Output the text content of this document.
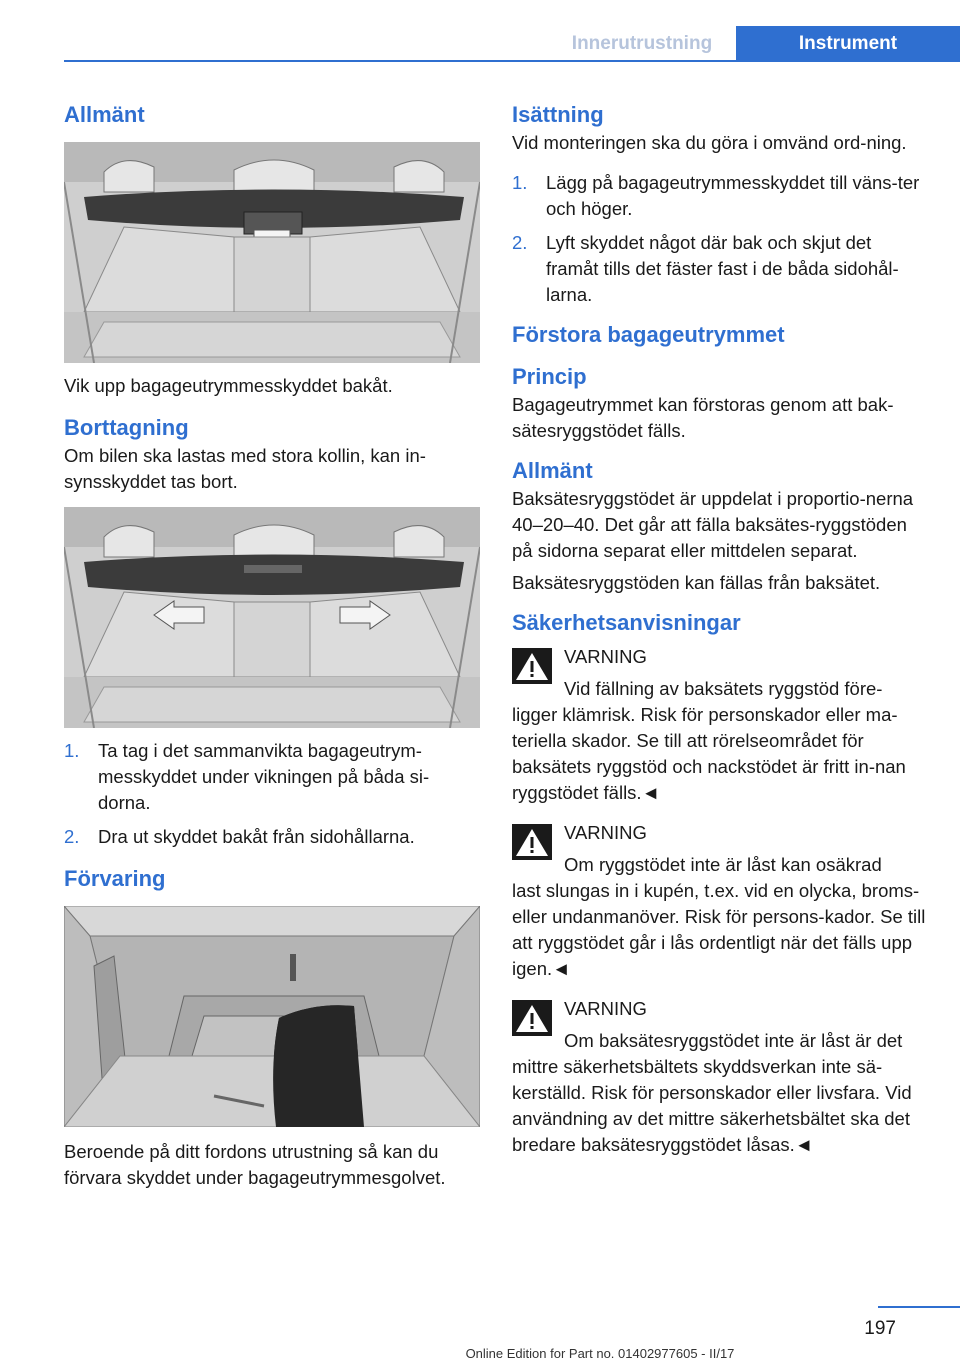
Innerutrustning	Instrument
Allmänt

Vik upp bagageutrymmesskyddet bakåt.

Borttagning

Om bilen ska lastas med stora kollin, kan in‐synsskyddet tas bort.

1. Ta tag i det sammanvikta bagageutrym‐messkyddet under vikningen på båda si‐dorna.
2. Dra ut skyddet bakåt från sidohållarna.
Förvaring

Beroende på ditt fordons utrustning så kan du förvara skyddet under bagageutrymmesgolvet.

Isättning

Vid monteringen ska du göra i omvänd ord‐ning.

1. Lägg på bagageutrymmesskyddet till väns‐ter och höger.
2. Lyft skyddet något där bak och skjut det framåt tills det fäster fast i de båda sidohål‐larna.
Förstora bagageutrymmet
Princip

Bagageutrymmet kan förstoras genom att bak‐sätesryggstödet fälls.

Allmänt

Baksätesryggstödet är uppdelat i proportio‐nerna 40–20–40. Det går att fälla baksätes‐ryggstöden på sidorna separat eller mittdelen separat.

Baksätesryggstöden kan fällas från baksätet.

Säkerhetsanvisningar
VARNING
Vid fällning av baksätets ryggstöd före‐
ligger klämrisk. Risk för personskador eller ma‐teriella skador. Se till att rörelseområdet för baksätets ryggstöd och nackstödet är fritt in‐nan ryggstödet fälls.◄
VARNING
Om ryggstödet inte är låst kan osäkrad
last slungas in i kupén, t.ex. vid en olycka, broms- eller undanmanöver. Risk för persons‐kador. Se till att ryggstödet går i lås ordentligt när det fälls upp igen.◄
VARNING
Om baksätesryggstödet inte är låst är det
mittre säkerhetsbältets skyddsverkan inte sä‐kerställd. Risk för personskador eller livsfara. Vid användning av det mittre säkerhetsbältet ska det bredare baksätesryggstödet låsas.◄
197
Online Edition for Part no. 01402977605 - II/17
